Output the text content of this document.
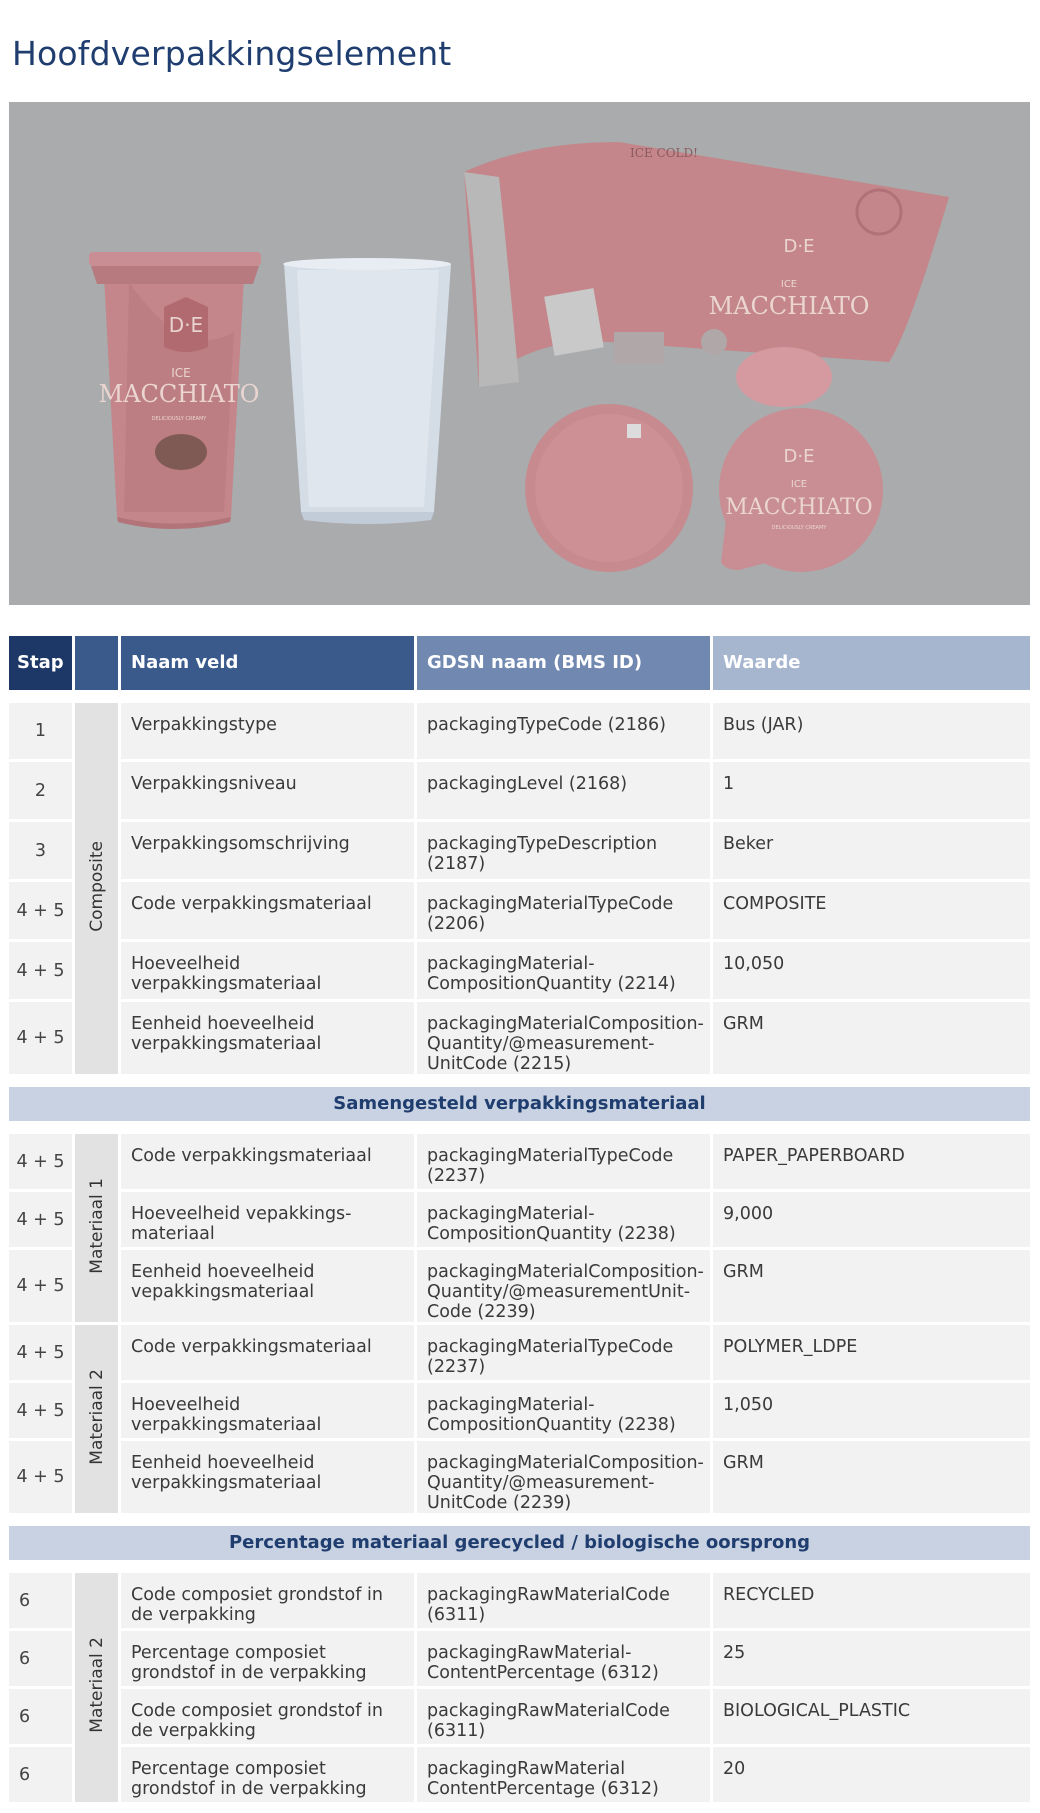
Hoofdverpakkingselement
D·E
ICE
MACCHIATO
DELICIOUSLY CREAMY
D·E
ICE
MACCHIATO
ICE COLD!
D·E
ICE
MACCHIATO
DELICIOUSLY CREAMY
Stap		Naam veld	GDSN naam (BMS ID)	Waarde

1	Composite	Verpakkingstype	packagingTypeCode (2186)	Bus (JAR)
2		Verpakkingsniveau	packagingLevel (2168)	1
3		Verpakkingsomschrijving	packagingTypeDescription (2187)	Beker
4 + 5		Code verpakkingsmateriaal	packagingMaterialTypeCode (2206)	COMPOSITE
4 + 5		Hoeveelheid verpakkingsmateriaal	packagingMaterial-CompositionQuantity (2214)	10,050
4 + 5		Eenheid hoeveelheid verpakkingsmateriaal	packagingMaterialComposition-Quantity/@measurement-UnitCode (2215)	GRM

Samengesteld verpakkingsmateriaal				

4 + 5	Materiaal 1	Code verpakkingsmateriaal	packagingMaterialTypeCode (2237)	PAPER_PAPERBOARD
4 + 5		Hoeveelheid vepakkings-materiaal	packagingMaterial-CompositionQuantity (2238)	9,000
4 + 5		Eenheid hoeveelheid vepakkingsmateriaal	packagingMaterialComposition-Quantity/@measurementUnit-Code (2239)	GRM
4 + 5	Materiaal 2	Code verpakkingsmateriaal	packagingMaterialTypeCode (2237)	POLYMER_LDPE
4 + 5		Hoeveelheid verpakkingsmateriaal	packagingMaterial-CompositionQuantity (2238)	1,050
4 + 5		Eenheid hoeveelheid verpakkingsmateriaal	packagingMaterialComposition-Quantity/@measurement-UnitCode (2239)	GRM

Percentage materiaal gerecycled / biologische oorsprong				

6	Materiaal 2	Code composiet grondstof in de verpakking	packagingRawMaterialCode (6311)	RECYCLED
6		Percentage composiet grondstof in de verpakking	packagingRawMaterial-ContentPercentage (6312)	25
6		Code composiet grondstof in de verpakking	packagingRawMaterialCode (6311)	BIOLOGICAL_PLASTIC
6		Percentage composiet grondstof in de verpakking	packagingRawMaterial ContentPercentage (6312)	20
